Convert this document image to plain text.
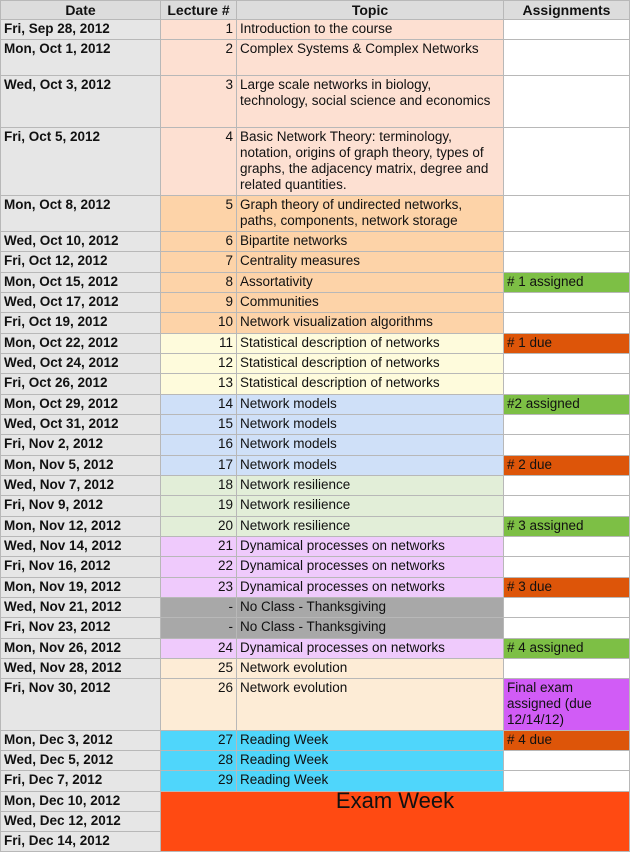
Date	Lecture #	Topic	Assignments
Fri, Sep 28, 2012	1	Introduction to the course	
Mon, Oct 1, 2012	2	Complex Systems & Complex Networks	
Wed, Oct 3, 2012	3	Large scale networks in biology, technology, social science and economics	
Fri, Oct 5, 2012	4	Basic Network Theory: terminology, notation, origins of graph theory, types of graphs, the adjacency matrix, degree and related quantities.	
Mon, Oct 8, 2012	5	Graph theory of undirected networks, paths, components, network storage	
Wed, Oct 10, 2012	6	Bipartite networks	
Fri, Oct 12, 2012	7	Centrality measures	
Mon, Oct 15, 2012	8	Assortativity	# 1 assigned
Wed, Oct 17, 2012	9	Communities	
Fri, Oct 19, 2012	10	Network visualization algorithms	
Mon, Oct 22, 2012	11	Statistical description of networks	# 1 due
Wed, Oct 24, 2012	12	Statistical description of networks	
Fri, Oct 26, 2012	13	Statistical description of networks	
Mon, Oct 29, 2012	14	Network models	#2 assigned
Wed, Oct 31, 2012	15	Network models	
Fri, Nov 2, 2012	16	Network models	
Mon, Nov 5, 2012	17	Network models	# 2 due
Wed, Nov 7, 2012	18	Network resilience	
Fri, Nov 9, 2012	19	Network resilience	
Mon, Nov 12, 2012	20	Network resilience	# 3 assigned
Wed, Nov 14, 2012	21	Dynamical processes on networks	
Fri, Nov 16, 2012	22	Dynamical processes on networks	
Mon, Nov 19, 2012	23	Dynamical processes on networks	# 3 due
Wed, Nov 21, 2012	-	No Class - Thanksgiving	
Fri, Nov 23, 2012	-	No Class - Thanksgiving	
Mon, Nov 26, 2012	24	Dynamical processes on networks	# 4 assigned
Wed, Nov 28, 2012	25	Network evolution	
Fri, Nov 30, 2012	26	Network evolution	Final exam assigned (due 12/14/12)
Mon, Dec 3, 2012	27	Reading Week	# 4 due
Wed, Dec 5, 2012	28	Reading Week	
Fri, Dec 7, 2012	29	Reading Week	
Mon, Dec 10, 2012	Exam Week		
Wed, Dec 12, 2012			
Fri, Dec 14, 2012			
